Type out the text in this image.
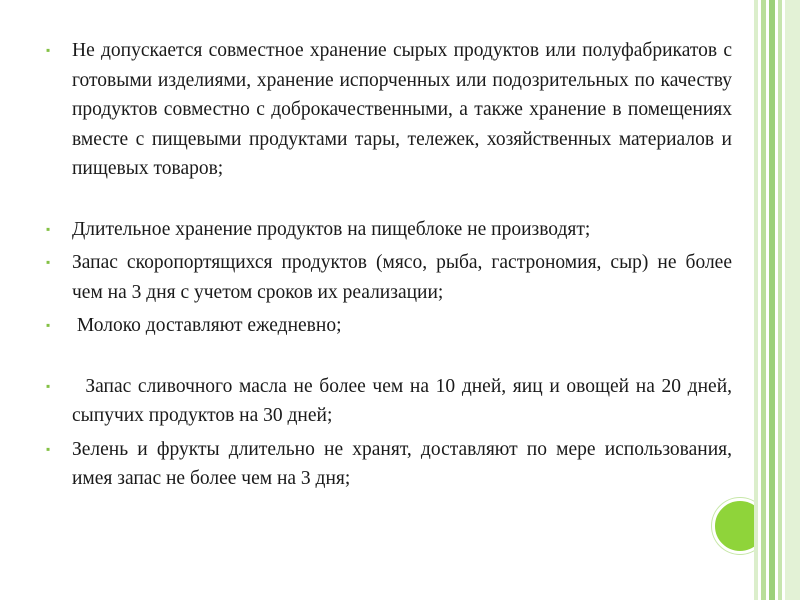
▪	Не допускается совместное хранение сырых продуктов или полуфабрикатов с готовыми изделиями, хранение испорченных или подозрительных по качеству продуктов совместно с доброкачественными, а также хранение в помещениях вместе с пищевыми продуктами тары, тележек, хозяйственных материалов и пищевых товаров;
▪	Длительное хранение продуктов на пищеблоке не производят;
▪	Запас скоропортящихся продуктов (мясо, рыба, гастрономия, сыр) не более чем на 3 дня с учетом сроков их реализации;
▪	Молоко доставляют ежедневно;
▪	Запас сливочного масла не более чем на 10 дней, яиц и овощей на 20 дней, сыпучих продуктов на 30 дней;
▪	Зелень и фрукты длительно не хранят, доставляют по мере использования, имея запас не более чем на 3 дня;
